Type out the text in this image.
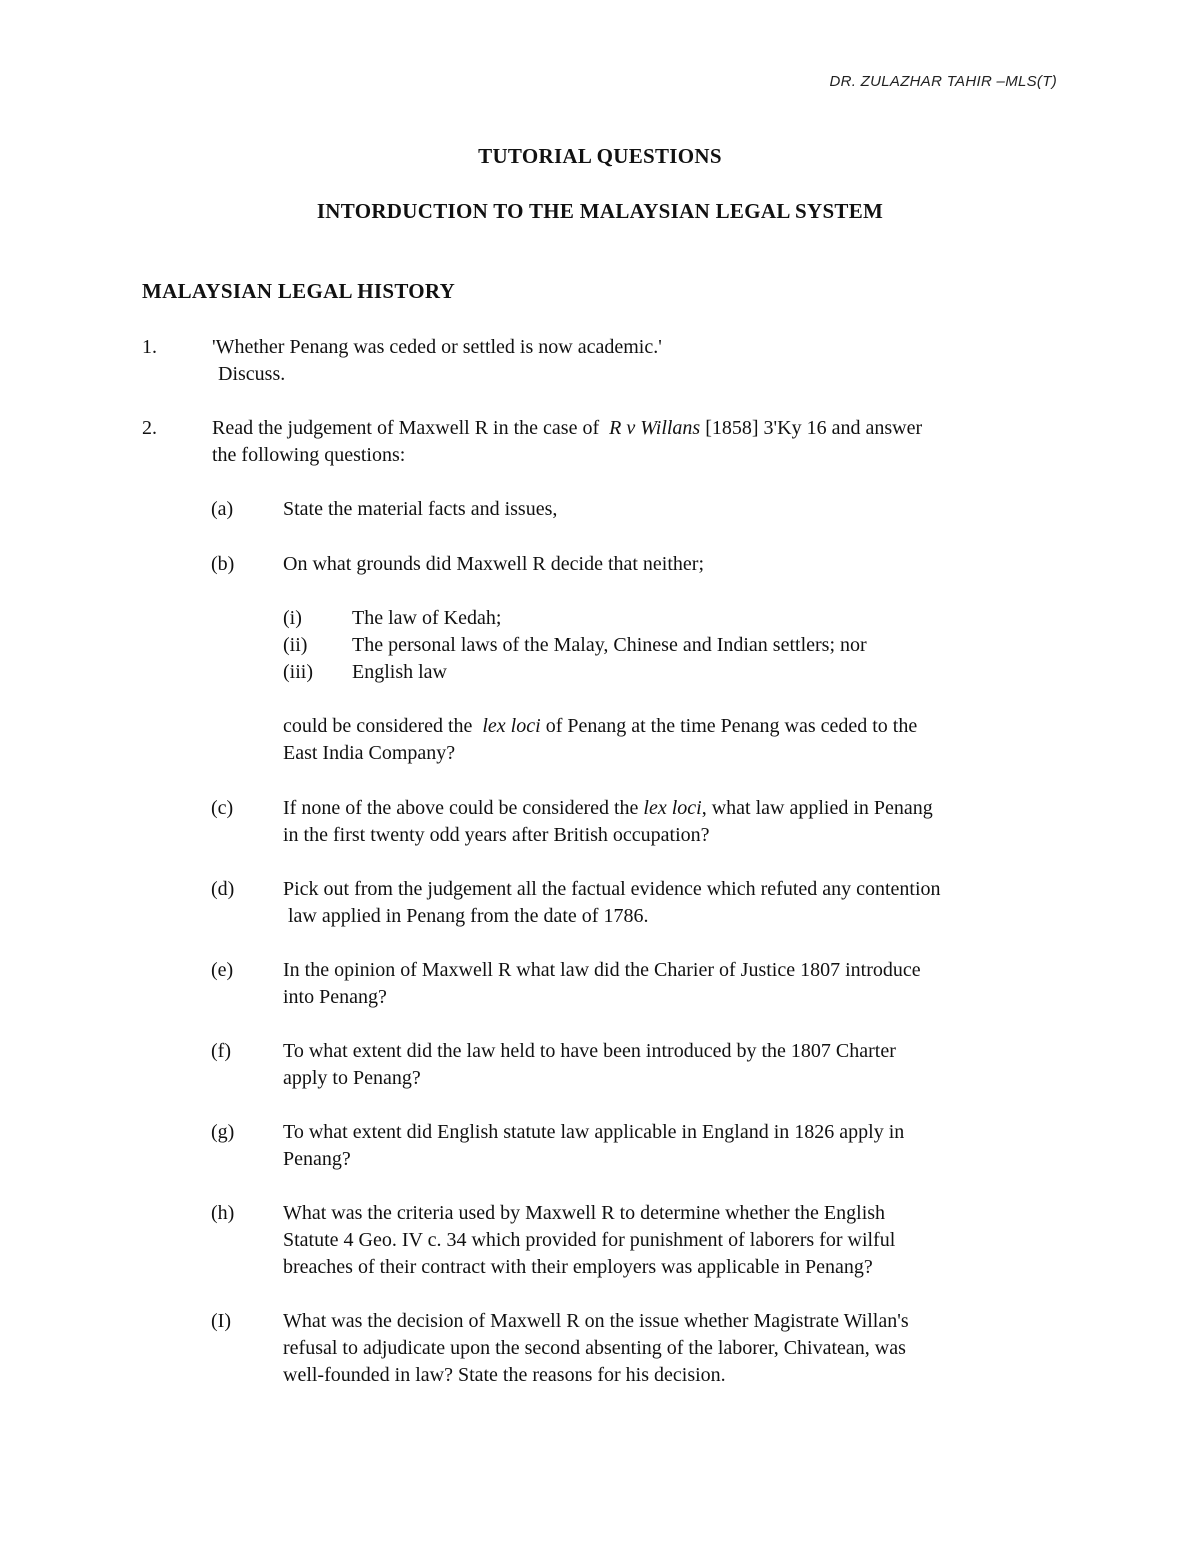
DR. ZULAZHAR TAHIR –MLS(T)
TUTORIAL QUESTIONS
INTORDUCTION TO THE MALAYSIAN LEGAL SYSTEM
MALAYSIAN LEGAL HISTORY
1.	'Whether Penang was ceded or settled is now academic.'
Discuss.
2.	Read the judgement of Maxwell R in the case of R v Willans [1858] 3'Ky 16 and answer
the following questions:
(a) State the material facts and issues,
(b) On what grounds did Maxwell R decide that neither;
(i)	The law of Kedah;
(ii) The personal laws of the Malay, Chinese and Indian settlers; nor
(iii) English law
could be considered the lex loci of Penang at the time Penang was ceded to the
East India Company?
(c) If none of the above could be considered the lex loci, what law applied in Penang
in the first twenty odd years after British occupation?
(d) Pick out from the judgement all the factual evidence which refuted any contention
law applied in Penang from the date of 1786.
(e) In the opinion of Maxwell R what law did the Charier of Justice 1807 introduce
into Penang?
(f)	To what extent did the law held to have been introduced by the 1807 Charter
apply to Penang?
(g) To what extent did English statute law applicable in England in 1826 apply in
Penang?
(h) What was the criteria used by Maxwell R to determine whether the English
Statute 4 Geo. IV c. 34 which provided for punishment of laborers for wilful
breaches of their contract with their employers was applicable in Penang?
(I)	What was the decision of Maxwell R on the issue whether Magistrate Willan's
refusal to adjudicate upon the second absenting of the laborer, Chivatean, was
well-founded in law? State the reasons for his decision.
